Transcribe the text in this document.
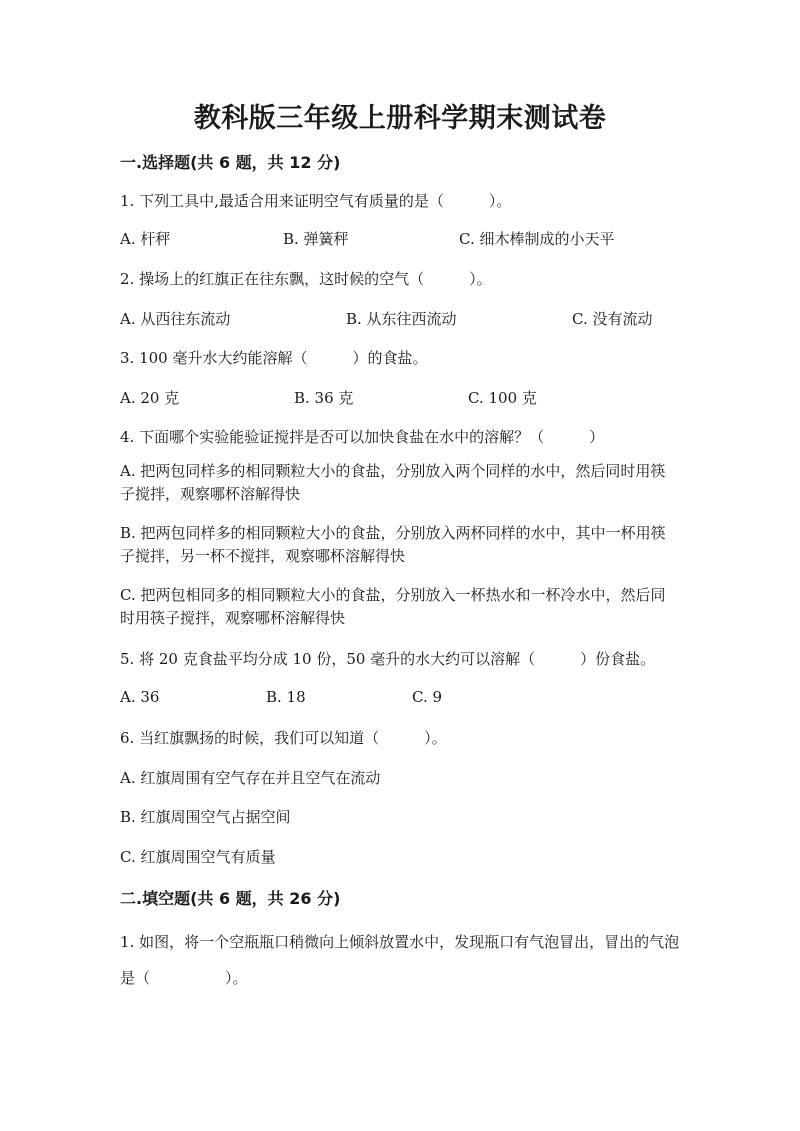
教科版三年级上册科学期末测试卷
一.选择题(共 6 题，共 12 分)
1. 下列工具中,最适合用来证明空气有质量的是（　　　）。
A. 杆秤	B. 弹簧秤	C. 细木棒制成的小天平
2. 操场上的红旗正在往东飘，这时候的空气（　　　）。
A. 从西往东流动	B. 从东往西流动	C. 没有流动
3. 100 毫升水大约能溶解（　　　）的食盐。
A. 20 克	B. 36 克	C. 100 克
4. 下面哪个实验能验证搅拌是否可以加快食盐在水中的溶解？（　　　）
A. 把两包同样多的相同颗粒大小的食盐，分别放入两个同样的水中，然后同时用筷子搅拌，观察哪杯溶解得快
B. 把两包同样多的相同颗粒大小的食盐，分别放入两杯同样的水中，其中一杯用筷子搅拌，另一杯不搅拌，观察哪杯溶解得快
C. 把两包相同多的相同颗粒大小的食盐，分别放入一杯热水和一杯冷水中，然后同时用筷子搅拌，观察哪杯溶解得快
5. 将 20 克食盐平均分成 10 份，50 毫升的水大约可以溶解（　　　）份食盐。
A. 36	B. 18	C. 9
6. 当红旗飘扬的时候，我们可以知道（　　　）。
A. 红旗周围有空气存在并且空气在流动
B. 红旗周围空气占据空间
C. 红旗周围空气有质量
二.填空题(共 6 题，共 26 分)
1. 如图，将一个空瓶瓶口稍微向上倾斜放置水中，发现瓶口有气泡冒出，冒出的气泡是（　　　　　）。
